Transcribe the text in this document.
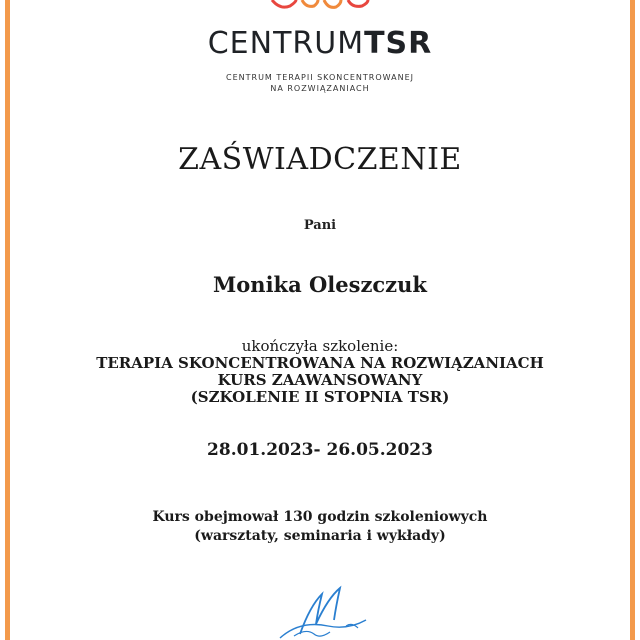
CENTRUMTSR
CENTRUM TERAPII SKONCENTROWANEJ
NA ROZWIĄZANIACH
ZAŚWIADCZENIE
Pani
Monika Oleszczuk
ukończyła szkolenie:
TERAPIA SKONCENTROWANA NA ROZWIĄZANIACH
KURS ZAAWANSOWANY
(SZKOLENIE II STOPNIA TSR)
28.01.2023- 26.05.2023
Kurs obejmował 130 godzin szkoleniowych
(warsztaty, seminaria i wykłady)
